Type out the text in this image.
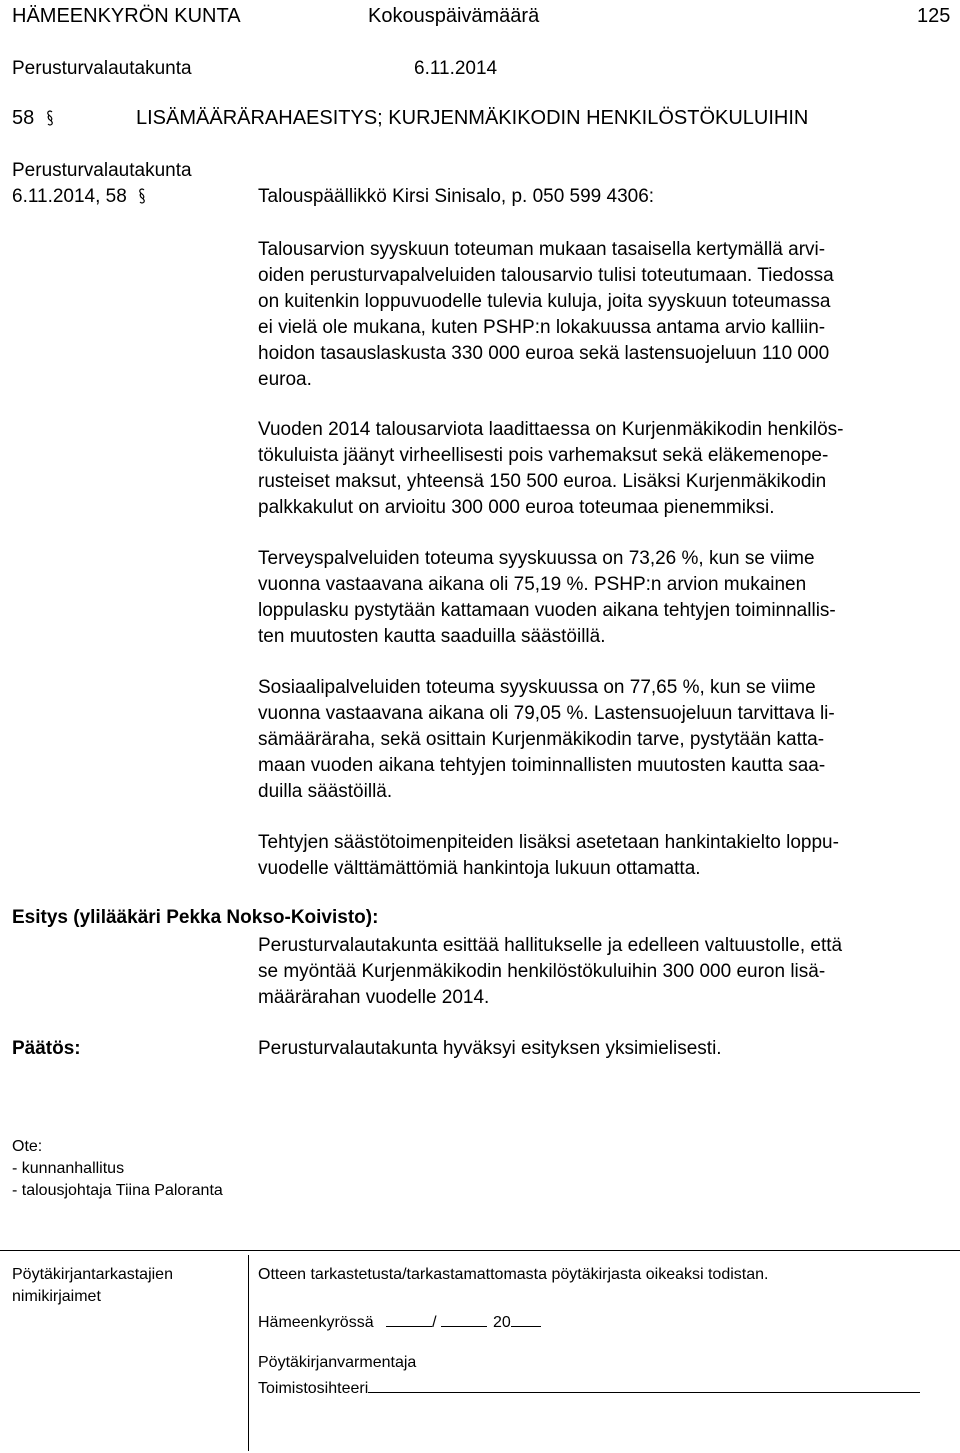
HÄMEENKYRÖN KUNTA	Kokouspäivämäärä	125
Perusturvalautakunta	6.11.2014
58	LISÄMÄÄRÄRAHAESITYS; KURJENMÄKIKODIN HENKILÖSTÖKULUIHIN
Perusturvalautakunta
6.11.2014, 58	Talouspäällikkö Kirsi Sinisalo, p. 050 599 4306:
Talousarvion syyskuun toteuman mukaan tasaisella kertymällä arvi-
oiden perusturvapalveluiden talousarvio tulisi toteutumaan. Tiedossa
on kuitenkin loppuvuodelle tulevia kuluja, joita syyskuun toteumassa
ei vielä ole mukana, kuten PSHP:n lokakuussa antama arvio kalliin-
hoidon tasauslaskusta 330 000 euroa sekä lastensuojeluun 110 000
euroa.
Vuoden 2014 talousarviota laadittaessa on Kurjenmäkikodin henkilös-
tökuluista jäänyt virheellisesti pois varhemaksut sekä eläkemenope-
rusteiset maksut, yhteensä 150 500 euroa. Lisäksi Kurjenmäkikodin
palkkakulut on arvioitu 300 000 euroa toteumaa pienemmiksi.
Terveyspalveluiden toteuma syyskuussa on 73,26 %, kun se viime
vuonna vastaavana aikana oli 75,19 %. PSHP:n arvion mukainen
loppulasku pystytään kattamaan vuoden aikana tehtyjen toiminnallis-
ten muutosten kautta saaduilla säästöillä.
Sosiaalipalveluiden toteuma syyskuussa on 77,65 %, kun se viime
vuonna vastaavana aikana oli 79,05 %. Lastensuojeluun tarvittava li-
sämääräraha, sekä osittain Kurjenmäkikodin tarve, pystytään katta-
maan vuoden aikana tehtyjen toiminnallisten muutosten kautta saa-
duilla säästöillä.
Tehtyjen säästötoimenpiteiden lisäksi asetetaan hankintakielto loppu-
vuodelle välttämättömiä hankintoja lukuun ottamatta.
Esitys (ylilääkäri Pekka Nokso-Koivisto):
Perusturvalautakunta esittää hallitukselle ja edelleen valtuustolle, että
se myöntää Kurjenmäkikodin henkilöstökuluihin 300 000 euron lisä-
määrärahan vuodelle 2014.
Päätös:	Perusturvalautakunta hyväksyi esityksen yksimielisesti.
Ote:
- kunnanhallitus
- talousjohtaja Tiina Paloranta
Pöytäkirjantarkastajien
nimikirjaimet
Otteen tarkastetusta/tarkastamattomasta pöytäkirjasta oikeaksi todistan.
Hämeenkyrössä	/	20
Pöytäkirjanvarmentaja
Toimistosihteeri
